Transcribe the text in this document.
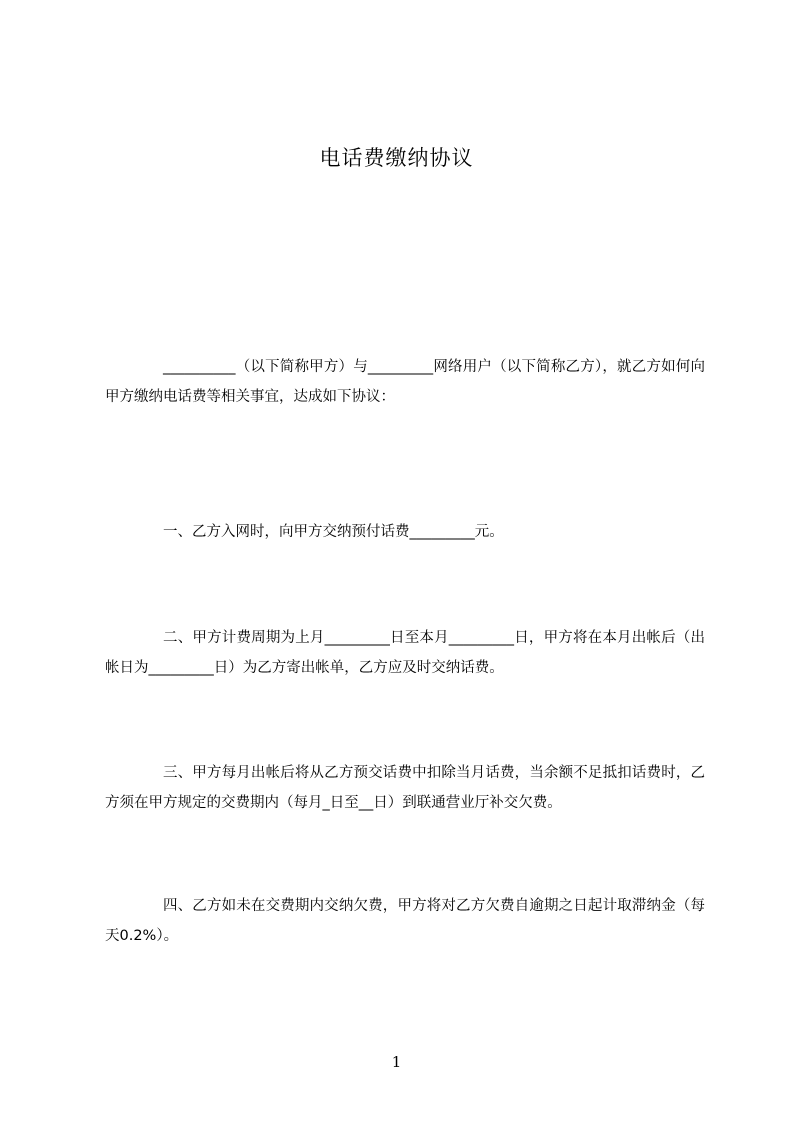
电话费缴纳协议

__________（以下简称甲方）与_________网络用户（以下简称乙方），就乙方如何向甲方缴纳电话费等相关事宜，达成如下协议：

一、乙方入网时，向甲方交纳预付话费_________元。

二、甲方计费周期为上月_________日至本月_________日，甲方将在本月出帐后（出帐日为_________日）为乙方寄出帐单，乙方应及时交纳话费。

三、甲方每月出帐后将从乙方预交话费中扣除当月话费，当余额不足抵扣话费时，乙方须在甲方规定的交费期内（每月_日至__日）到联通营业厅补交欠费。

四、乙方如未在交费期内交纳欠费，甲方将对乙方欠费自逾期之日起计取滞纳金（每天0.2%）。

1
